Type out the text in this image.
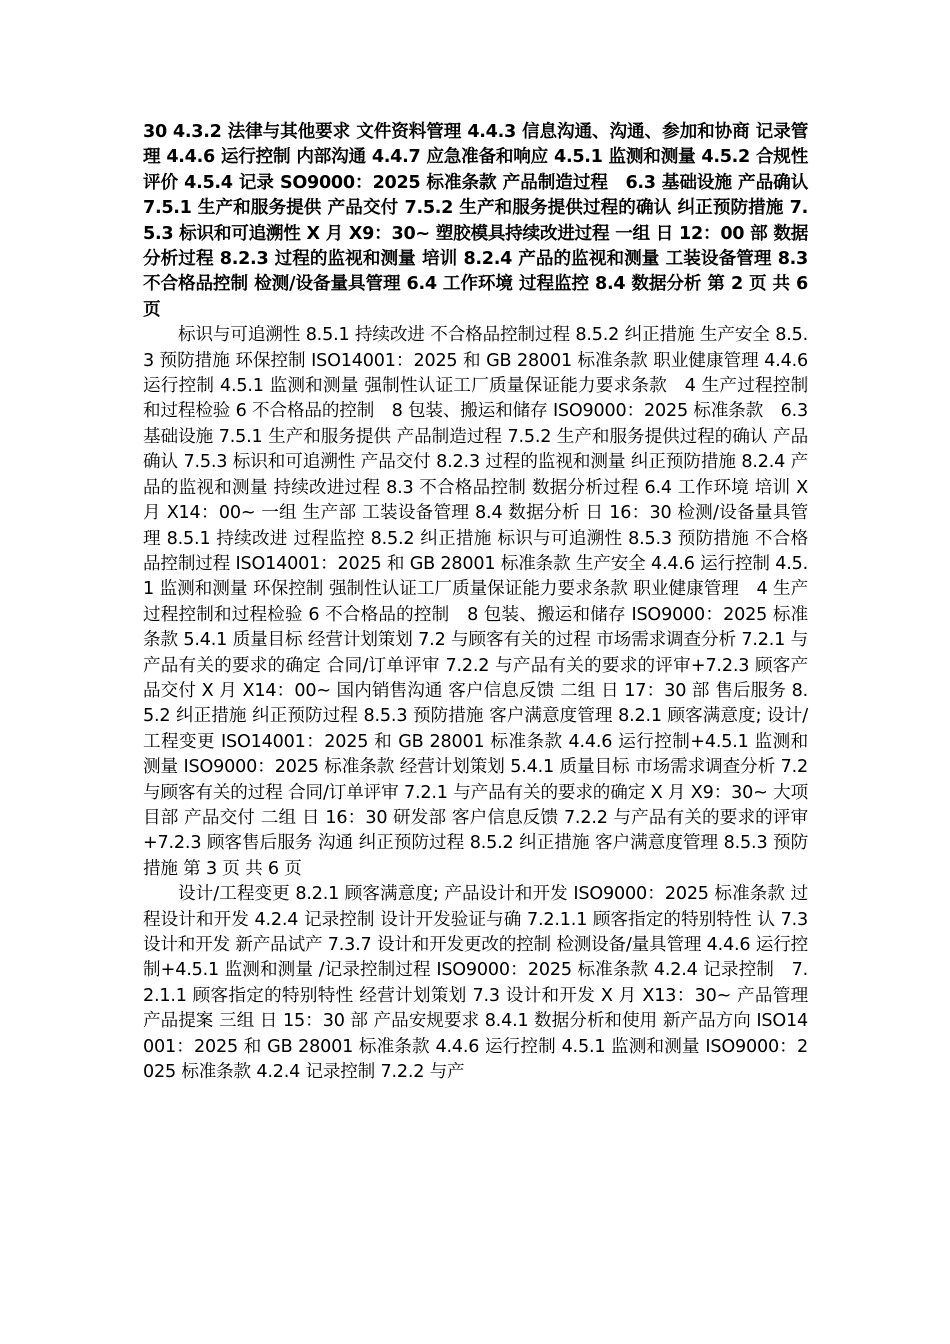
30 4.3.2 法律与其他要求 文件资料管理 4.4.3 信息沟通、沟通、参加和协商 记录管理 4.4.6 运行控制 内部沟通 4.4.7 应急准备和响应 4.5.1 监测和测量 4.5.2 合规性评价 4.5.4 记录 SO9000：2025 标准条款 产品制造过程　6.3 基础设施 产品确认 7.5.1 生产和服务提供 产品交付 7.5.2 生产和服务提供过程的确认 纠正预防措施 7.5.3 标识和可追溯性 X 月 X9：30~ 塑胶模具持续改进过程 一组 日 12：00 部 数据分析过程 8.2.3 过程的监视和测量 培训 8.2.4 产品的监视和测量 工装设备管理 8.3 不合格品控制 检测/设备量具管理 6.4 工作环境 过程监控 8.4 数据分析 第 2 页 共 6 页

标识与可追溯性 8.5.1 持续改进 不合格品控制过程 8.5.2 纠正措施 生产安全 8.5.3 预防措施 环保控制 ISO14001：2025 和 GB 28001 标准条款 职业健康管理 4.4.6 运行控制 4.5.1 监测和测量 强制性认证工厂质量保证能力要求条款　4 生产过程控制和过程检验 6 不合格品的控制　8 包装、搬运和储存 ISO9000：2025 标准条款　6.3 基础设施 7.5.1 生产和服务提供 产品制造过程 7.5.2 生产和服务提供过程的确认 产品确认 7.5.3 标识和可追溯性 产品交付 8.2.3 过程的监视和测量 纠正预防措施 8.2.4 产品的监视和测量 持续改进过程 8.3 不合格品控制 数据分析过程 6.4 工作环境 培训 X 月 X14：00~ 一组 生产部 工装设备管理 8.4 数据分析 日 16：30 检测/设备量具管理 8.5.1 持续改进 过程监控 8.5.2 纠正措施 标识与可追溯性 8.5.3 预防措施 不合格品控制过程 ISO14001：2025 和 GB 28001 标准条款 生产安全 4.4.6 运行控制 4.5.1 监测和测量 环保控制 强制性认证工厂质量保证能力要求条款 职业健康管理　4 生产过程控制和过程检验 6 不合格品的控制　8 包装、搬运和储存 ISO9000：2025 标准条款 5.4.1 质量目标 经营计划策划 7.2 与顾客有关的过程 市场需求调查分析 7.2.1 与产品有关的要求的确定 合同/订单评审 7.2.2 与产品有关的要求的评审+7.2.3 顾客产品交付 X 月 X14：00~ 国内销售沟通 客户信息反馈 二组 日 17：30 部 售后服务 8.5.2 纠正措施 纠正预防过程 8.5.3 预防措施 客户满意度管理 8.2.1 顾客满意度; 设计/工程变更 ISO14001：2025 和 GB 28001 标准条款 4.4.6 运行控制+4.5.1 监测和测量 ISO9000：2025 标准条款 经营计划策划 5.4.1 质量目标 市场需求调查分析 7.2 与顾客有关的过程 合同/订单评审 7.2.1 与产品有关的要求的确定 X 月 X9：30~ 大项目部 产品交付 二组 日 16：30 研发部 客户信息反馈 7.2.2 与产品有关的要求的评审+7.2.3 顾客售后服务 沟通 纠正预防过程 8.5.2 纠正措施 客户满意度管理 8.5.3 预防措施 第 3 页 共 6 页

设计/工程变更 8.2.1 顾客满意度; 产品设计和开发 ISO9000：2025 标准条款 过程设计和开发 4.2.4 记录控制 设计开发验证与确 7.2.1.1 顾客指定的特别特性 认 7.3 设计和开发 新产品试产 7.3.7 设计和开发更改的控制 检测设备/量具管理 4.4.6 运行控制+4.5.1 监测和测量 /记录控制过程 ISO9000：2025 标准条款 4.2.4 记录控制　7.2.1.1 顾客指定的特别特性 经营计划策划 7.3 设计和开发 X 月 X13：30~ 产品管理产品提案 三组 日 15：30 部 产品安规要求 8.4.1 数据分析和使用 新产品方向 ISO14001：2025 和 GB 28001 标准条款 4.4.6 运行控制 4.5.1 监测和测量 ISO9000：2025 标准条款 4.2.4 记录控制 7.2.2 与产
